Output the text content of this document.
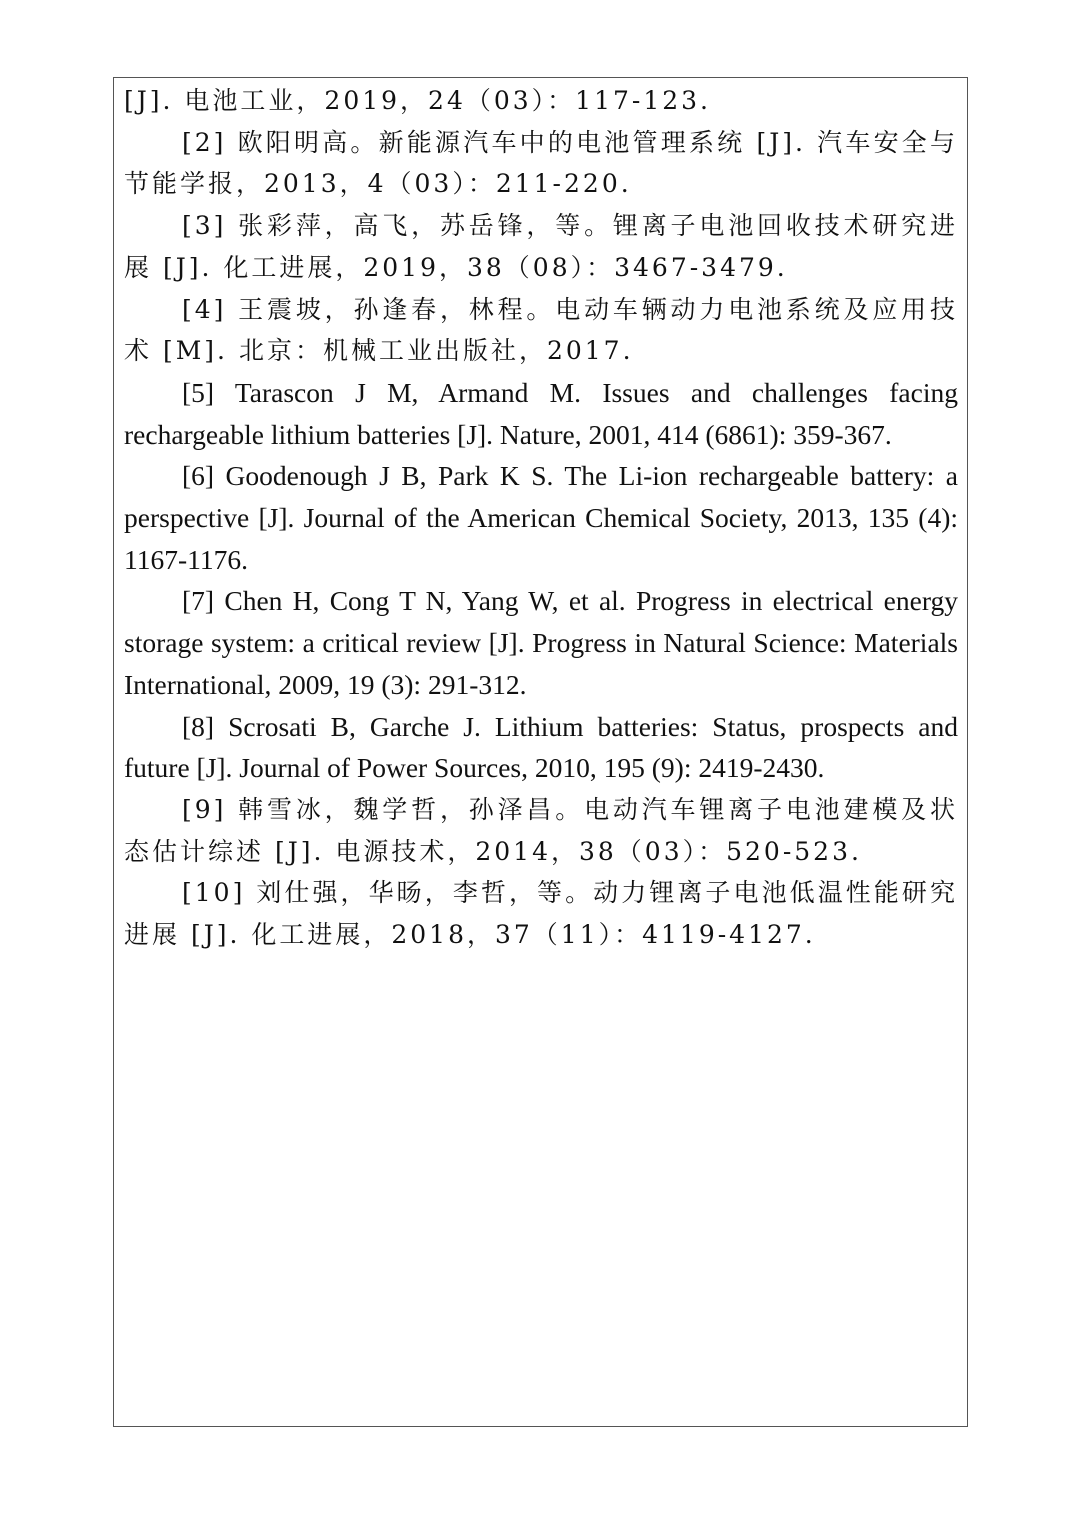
[J]. 电池工业，2019，24（03）：117-123.
[2] 欧阳明高。新能源汽车中的电池管理系统 [J]. 汽车安全与节能学报，2013，4（03）：211-220.
[3] 张彩萍，高飞，苏岳锋，等。锂离子电池回收技术研究进展 [J]. 化工进展，2019，38（08）：3467-3479.
[4] 王震坡，孙逢春，林程。电动车辆动力电池系统及应用技术 [M]. 北京：机械工业出版社，2017.
[5] Tarascon J M, Armand M. Issues and challenges facing rechargeable lithium batteries [J]. Nature, 2001, 414 (6861): 359-367.
[6] Goodenough J B, Park K S. The Li-ion rechargeable battery: a perspective [J]. Journal of the American Chemical Society, 2013, 135 (4): 1167-1176.
[7] Chen H, Cong T N, Yang W, et al. Progress in electrical energy storage system: a critical review [J]. Progress in Natural Science: Materials International, 2009, 19 (3): 291-312.
[8] Scrosati B, Garche J. Lithium batteries: Status, prospects and future [J]. Journal of Power Sources, 2010, 195 (9): 2419-2430.
[9] 韩雪冰，魏学哲，孙泽昌。电动汽车锂离子电池建模及状态估计综述 [J]. 电源技术，2014，38（03）：520-523.
[10] 刘仕强，华旸，李哲，等。动力锂离子电池低温性能研究进展 [J]. 化工进展，2018，37（11）：4119-4127.
